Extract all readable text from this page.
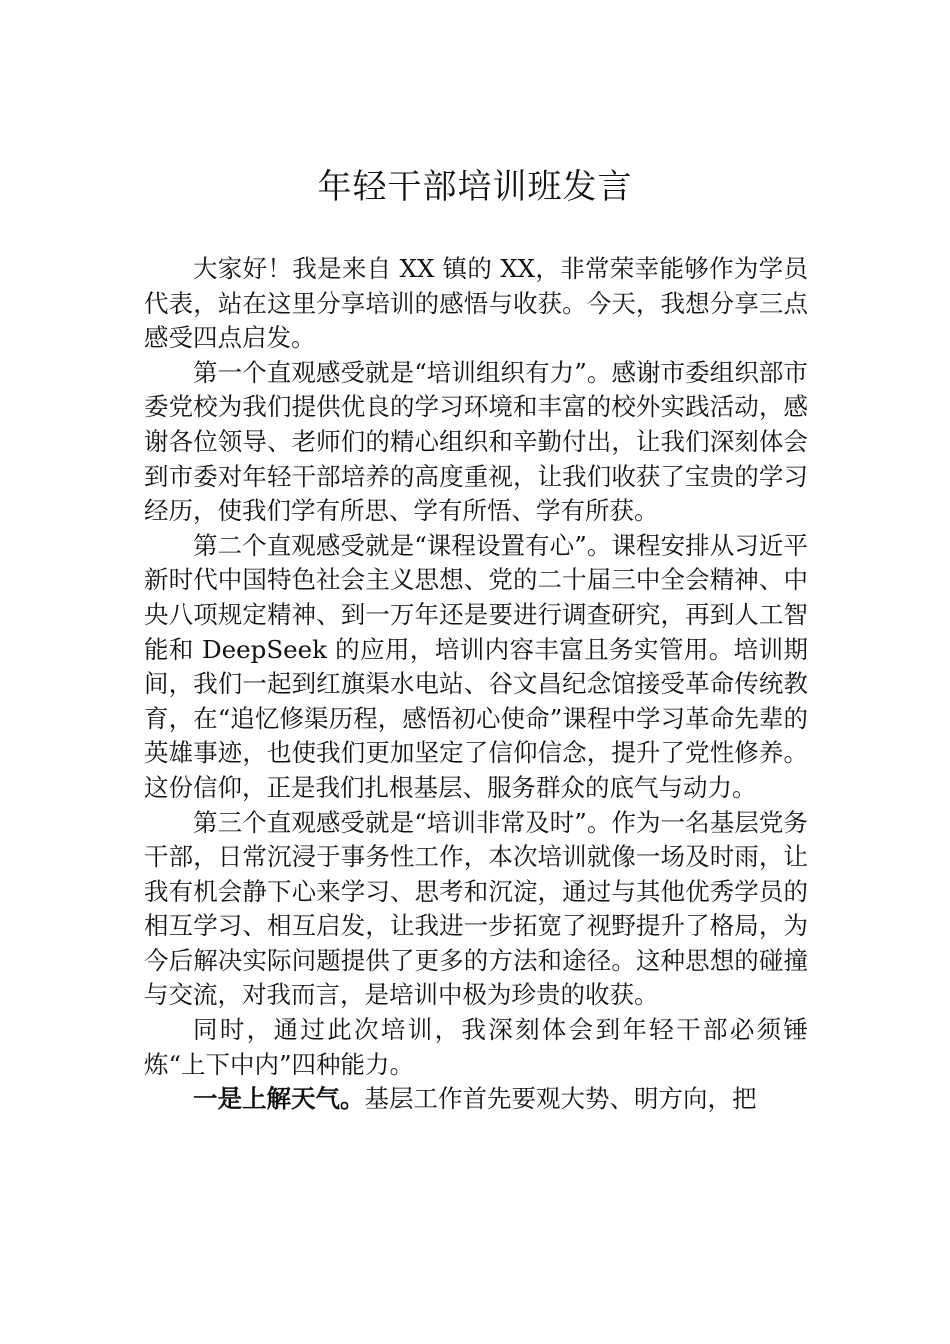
年轻干部培训班发言

大家好！我是来自 XX 镇的 XX，非常荣幸能够作为学员代表，站在这里分享培训的感悟与收获。今天，我想分享三点感受四点启发。

第一个直观感受就是“培训组织有力”。感谢市委组织部市委党校为我们提供优良的学习环境和丰富的校外实践活动，感谢各位领导、老师们的精心组织和辛勤付出，让我们深刻体会到市委对年轻干部培养的高度重视，让我们收获了宝贵的学习经历，使我们学有所思、学有所悟、学有所获。

第二个直观感受就是“课程设置有心”。课程安排从习近平新时代中国特色社会主义思想、党的二十届三中全会精神、中央八项规定精神、到一万年还是要进行调查研究，再到人工智能和 DeepSeek 的应用，培训内容丰富且务实管用。培训期间，我们一起到红旗渠水电站、谷文昌纪念馆接受革命传统教育，在“追忆修渠历程，感悟初心使命”课程中学习革命先辈的英雄事迹，也使我们更加坚定了信仰信念，提升了党性修养。这份信仰，正是我们扎根基层、服务群众的底气与动力。

第三个直观感受就是“培训非常及时”。作为一名基层党务干部，日常沉浸于事务性工作，本次培训就像一场及时雨，让我有机会静下心来学习、思考和沉淀，通过与其他优秀学员的相互学习、相互启发，让我进一步拓宽了视野提升了格局，为今后解决实际问题提供了更多的方法和途径。这种思想的碰撞与交流，对我而言，是培训中极为珍贵的收获。

同时，通过此次培训，我深刻体会到年轻干部必须锤炼“上下中内”四种能力。

一是上解天气。基层工作首先要观大势、明方向，把
